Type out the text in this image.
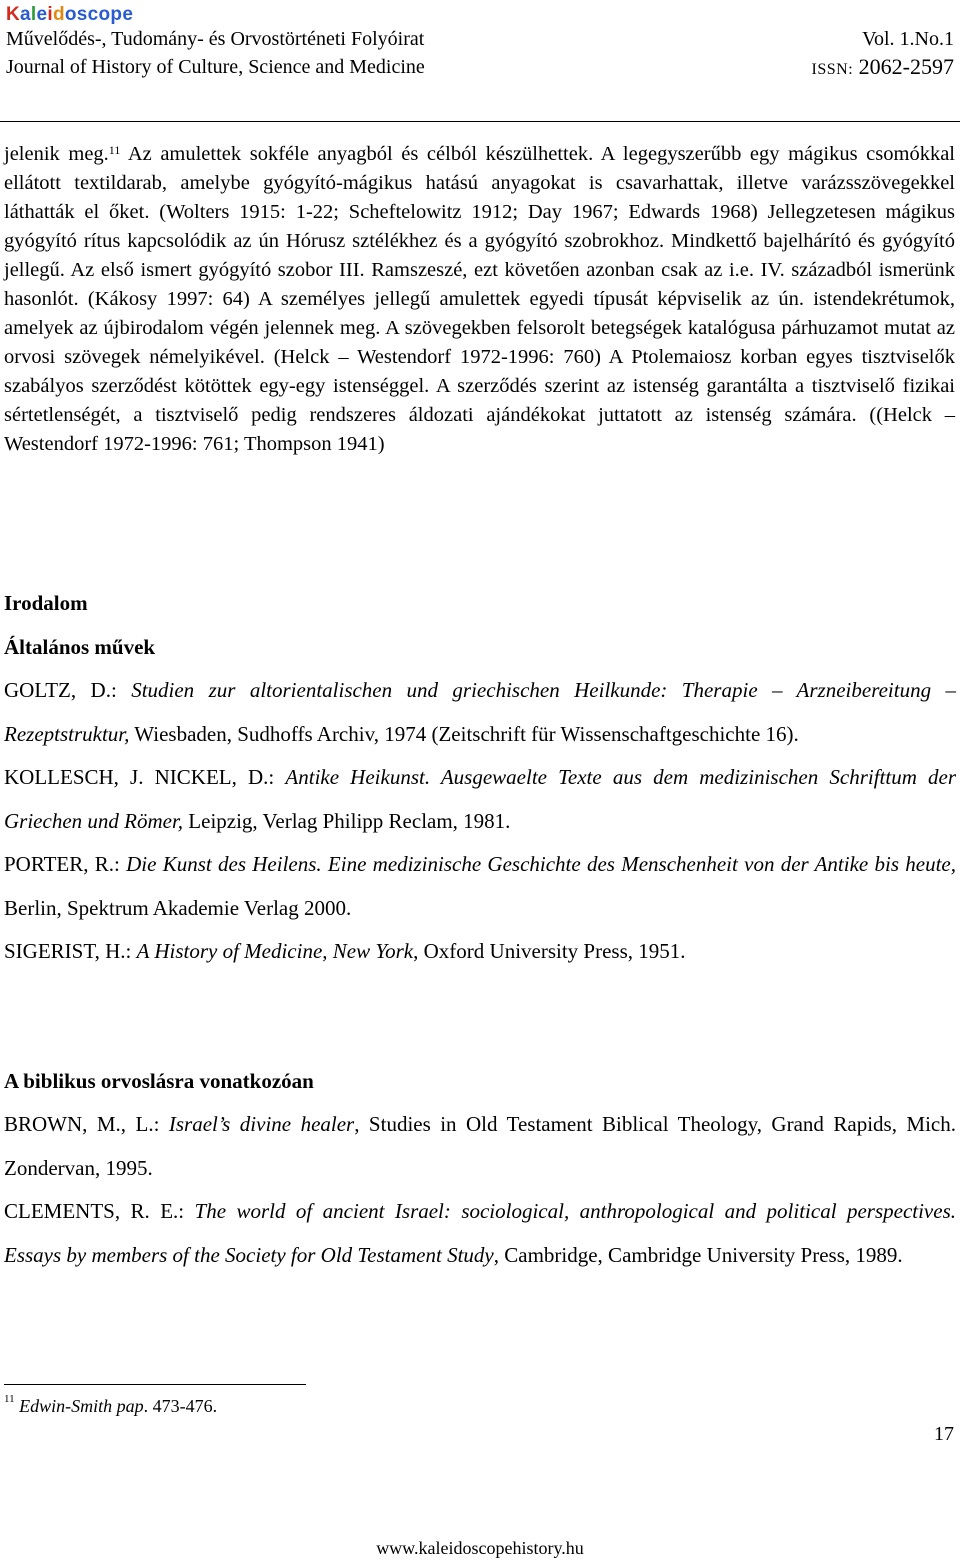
Kaleidoscope
Művelődés-, Tudomány- és Orvostörténeti Folyóirat
Journal of History of Culture, Science and Medicine
Vol. 1.No.1
ISSN: 2062-2597

jelenik meg.$^{11}$ Az amulettek sokféle anyagból és célból készülhettek. A legegyszerűbb egy mágikus csomókkal ellátott textildarab, amelybe gyógyító-mágikus hatású anyagokat is csavarhattak, illetve varázsszövegekkel láthatták el őket. (Wolters 1915: 1-22; Scheftelowitz 1912; Day 1967; Edwards 1968) Jellegzetesen mágikus gyógyító rítus kapcsolódik az ún Hórusz sztélékhez és a gyógyító szobrokhoz. Mindkettő bajelhárító és gyógyító jellegű. Az első ismert gyógyító szobor III. Ramszeszé, ezt követően azonban csak az i.e. IV. századból ismerünk hasonlót. (Kákosy 1997: 64) A személyes jellegű amulettek egyedi típusát képviselik az ún. istendekrétumok, amelyek az újbirodalom végén jelennek meg. A szövegekben felsorolt betegségek katalógusa párhuzamot mutat az orvosi szövegek némelyikével. (Helck – Westendorf 1972-1996: 760) A Ptolemaiosz korban egyes tisztviselők szabályos szerződést kötöttek egy-egy istenséggel. A szerződés szerint az istenség garantálta a tisztviselő fizikai sértetlenségét, a tisztviselő pedig rendszeres áldozati ajándékokat juttatott az istenség számára. ((Helck – Westendorf 1972-1996: 761; Thompson 1941)

Irodalom
Általános művek

GOLTZ, D.: Studien zur altorientalischen und griechischen Heilkunde: Therapie – Arzneibereitung – Rezeptstruktur, Wiesbaden, Sudhoffs Archiv, 1974 (Zeitschrift für Wissenschaftgeschichte 16).

KOLLESCH, J. NICKEL, D.: Antike Heikunst. Ausgewaelte Texte aus dem medizinischen Schrifttum der Griechen und Römer, Leipzig, Verlag Philipp Reclam, 1981.

PORTER, R.: Die Kunst des Heilens. Eine medizinische Geschichte des Menschenheit von der Antike bis heute, Berlin, Spektrum Akademie Verlag 2000.

SIGERIST, H.: A History of Medicine, New York, Oxford University Press, 1951.

A biblikus orvoslásra vonatkozóan

BROWN, M., L.: Israel’s divine healer, Studies in Old Testament Biblical Theology, Grand Rapids, Mich. Zondervan, 1995.

CLEMENTS, R. E.: The world of ancient Israel: sociological, anthropological and political perspectives. Essays by members of the Society for Old Testament Study, Cambridge, Cambridge University Press, 1989.

$^{11}$ Edwin-Smith pap. 473-476.
17
www.kaleidoscopehistory.hu
